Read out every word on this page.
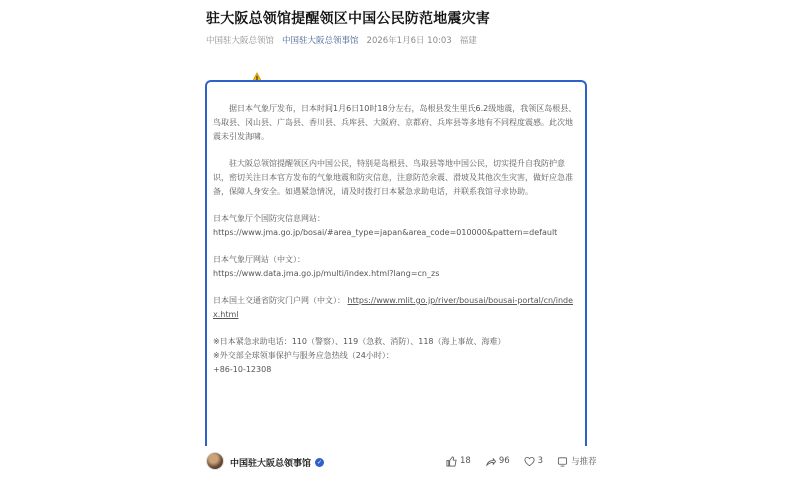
驻大阪总领馆提醒领区中国公民防范地震灾害
中国驻大阪总领馆 中国驻大阪总领事馆 2026年1月6日 10:03 福建

据日本气象厅发布，日本时间1月6日10时18分左右，岛根县发生里氏6.2级地震，我领区岛根县、鸟取县、冈山县、广岛县、香川县、兵库县、大阪府、京都府、兵库县等多地有不同程度震感。此次地震未引发海啸。

驻大阪总领馆提醒领区内中国公民，特别是岛根县、鸟取县等地中国公民，切实提升自我防护意识，密切关注日本官方发布的气象地震和防灾信息，注意防范余震、滑坡及其他次生灾害，做好应急准备，保障人身安全。如遇紧急情况，请及时拨打日本紧急求助电话，并联系我馆寻求协助。

日本气象厅个国防灾信息网站：
https://www.jma.go.jp/bosai/#area_type=japan&area_code=010000&pattern=default
日本气象厅网站（中文）：
https://www.data.jma.go.jp/multi/index.html?lang=cn_zs
日本国土交通省防灾门户网（中文）： https://www.mlit.go.jp/river/bousai/bousai-portal/cn/index.html
※日本紧急求助电话：110（警察）、119（急救、消防）、118（海上事故、海难）
※外交部全球领事保护与服务应急热线（24小时）：
+86-10-12308
中国驻大阪总领事馆 ✓	18	96	3	与推荐
